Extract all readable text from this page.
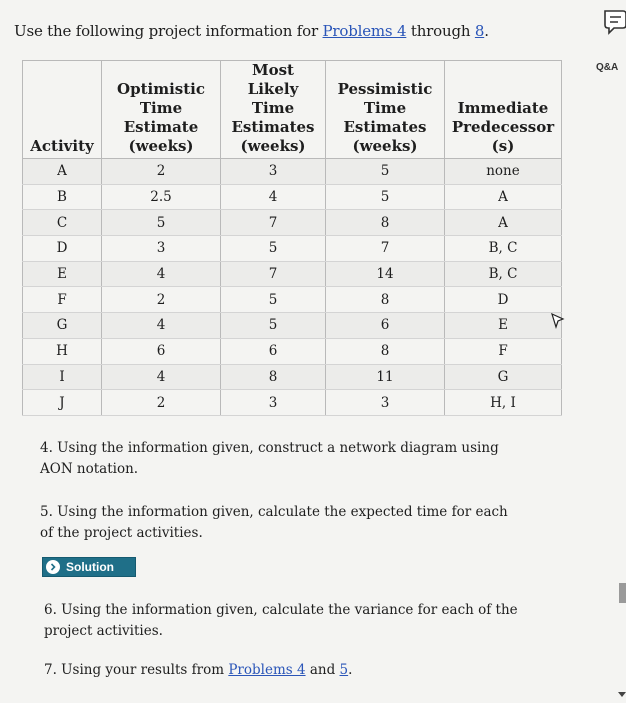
Use the following project information for Problems 4 through 8.
Activity	Optimistic
Time
Estimate
(weeks)	Most
Likely
Time
Estimates
(weeks)	Pessimistic
Time
Estimates
(weeks)	Immediate
Predecessor
(s)
A	2	3	5	none
B	2.5	4	5	A
C	5	7	8	A
D	3	5	7	B, C
E	4	7	14	B, C
F	2	5	8	D
G	4	5	6	E
H	6	6	8	F
I	4	8	11	G
J	2	3	3	H, I
4. Using the information given, construct a network diagram using AON notation.
5. Using the information given, calculate the expected time for each of the project activities.
Solution
6. Using the information given, calculate the variance for each of the project activities.
7. Using your results from Problems 4 and 5.
Q&A
